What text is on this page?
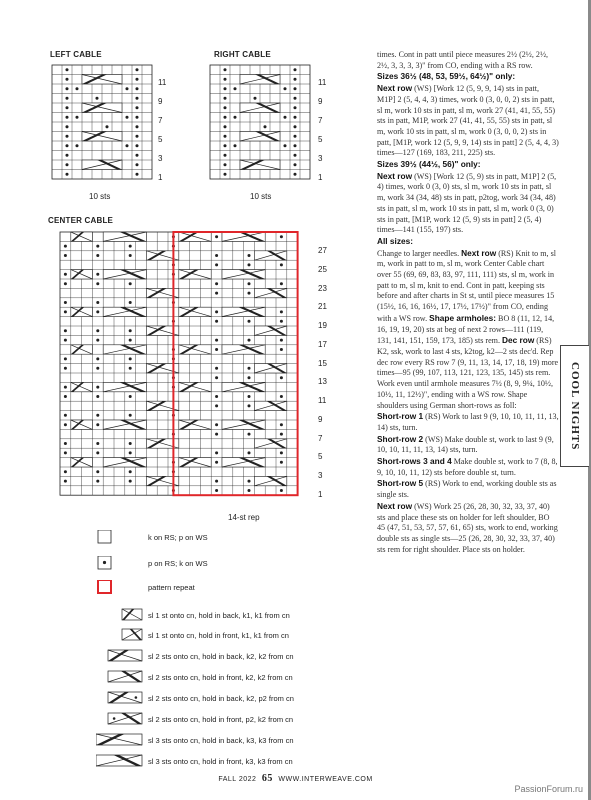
LEFT CABLE
11
9
7
5
3
1
10 sts
RIGHT CABLE
11
9
7
5
3
1
10 sts
CENTER CABLE
27
25
23
21
19
17
15
13
11
9
7
5
3
1
14-st rep
k on RS; p on WS
p on RS; k on WS
pattern repeat
sl 1 st onto cn, hold in back, k1, k1 from cn
sl 1 st onto cn, hold in front, k1, k1 from cn
sl 2 sts onto cn, hold in back, k2, k2 from cn
sl 2 sts onto cn, hold in front, k2, k2 from cn
sl 2 sts onto cn, hold in back, k2, p2 from cn
sl 2 sts onto cn, hold in front, p2, k2 from cn
sl 3 sts onto cn, hold in back, k3, k3 from cn
sl 3 sts onto cn, hold in front, k3, k3 from cn

times. Cont in patt until piece measures 2½ (2½, 2½, 2½, 3, 3, 3, 3)" from CO, ending with a RS row.

Sizes 36½ (48, 53, 59½, 64½)" only:

Next row (WS) [Work 12 (5, 9, 9, 14) sts in patt, M1P] 2 (5, 4, 4, 3) times, work 0 (3, 0, 0, 2) sts in patt, sl m, work 10 sts in patt, sl m, work 27 (41, 41, 55, 55) sts in patt, M1P, work 27 (41, 41, 55, 55) sts in patt, sl m, work 10 sts in patt, sl m, work 0 (3, 0, 0, 2) sts in patt, [M1P, work 12 (5, 9, 9, 14) sts in patt] 2 (5, 4, 4, 3) times—127 (169, 183, 211, 225) sts.

Sizes 39½ (44½, 56)" only:

Next row (WS) [Work 12 (5, 9) sts in patt, M1P] 2 (5, 4) times, work 0 (3, 0) sts, sl m, work 10 sts in patt, sl m, work 34 (34, 48) sts in patt, p2tog, work 34 (34, 48) sts in patt, sl m, work 10 sts in patt, sl m, work 0 (3, 0) sts in patt, [M1P, work 12 (5, 9) sts in patt] 2 (5, 4) times—141 (155, 197) sts.

All sizes:

Change to larger needles. Next row (RS) Knit to m, sl m, work in patt to m, sl m, work Center Cable chart over 55 (69, 69, 83, 83, 97, 111, 111) sts, sl m, work in patt to m, sl m, knit to end. Cont in patt, keeping sts before and after charts in St st, until piece measures 15 (15½, 16, 16, 16½, 17, 17½, 17½)" from CO, ending with a WS row. Shape armholes: BO 8 (11, 12, 14, 16, 19, 19, 20) sts at beg of next 2 rows—111 (119, 131, 141, 151, 159, 173, 185) sts rem. Dec row (RS) K2, ssk, work to last 4 sts, k2tog, k2—2 sts dec'd. Rep dec row every RS row 7 (9, 11, 13, 14, 17, 18, 19) more times—95 (99, 107, 113, 121, 123, 135, 145) sts rem. Work even until armhole measures 7½ (8, 9, 9¼, 10½, 10½, 11, 12½)", ending with a WS row. Shape shoulders using German short-rows as foll:

Short-row 1 (RS) Work to last 9 (9, 10, 10, 11, 11, 13, 14) sts, turn.

Short-row 2 (WS) Make double st, work to last 9 (9, 10, 10, 11, 11, 13, 14) sts, turn.

Short-rows 3 and 4 Make double st, work to 7 (8, 8, 9, 10, 10, 11, 12) sts before double st, turn.

Short-row 5 (RS) Work to end, working double sts as single sts.

Next row (WS) Work 25 (26, 28, 30, 32, 33, 37, 40) sts and place these sts on holder for left shoulder, BO 45 (47, 51, 53, 57, 57, 61, 65) sts, work to end, working double sts as single sts—25 (26, 28, 30, 32, 33, 37, 40) sts rem for right shoulder. Place sts on holder.

COOL NIGHTS
FALL 2022 65 WWW.INTERWEAVE.COM
PassionForum.ru
